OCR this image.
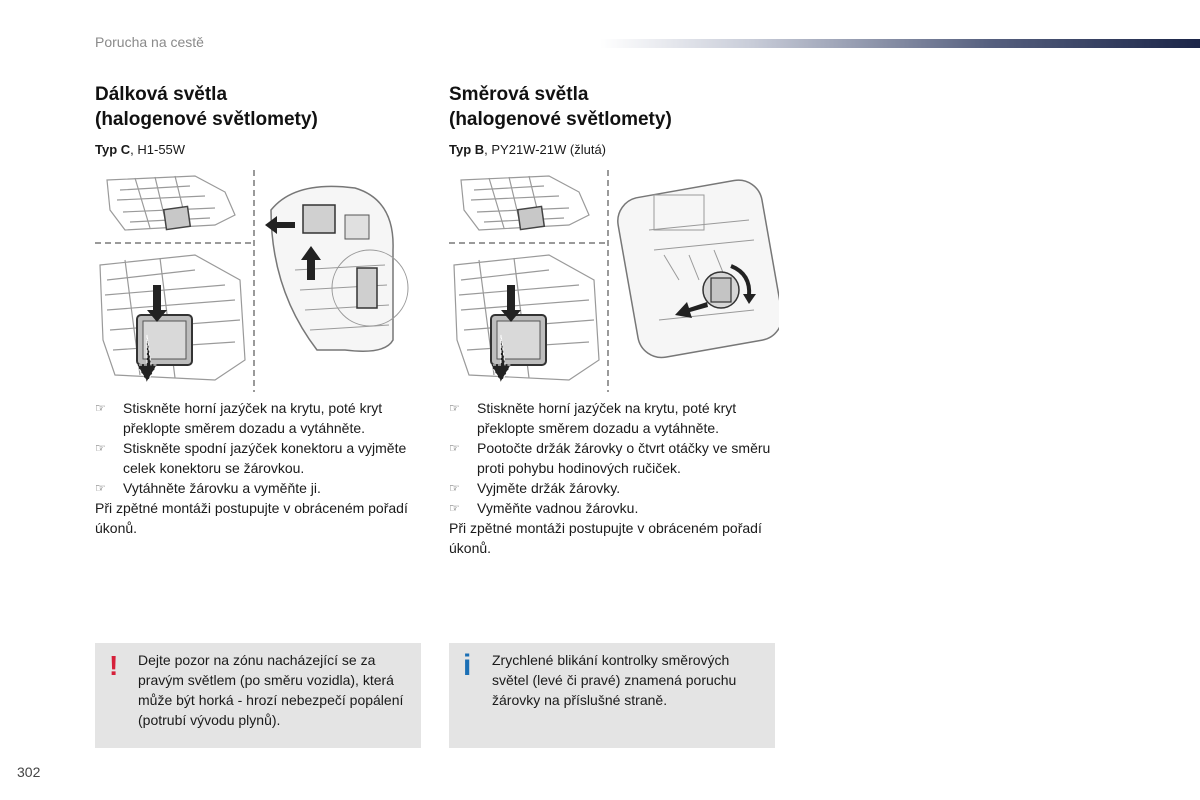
Porucha na cestě
Dálková světla
(halogenové světlomety)
Typ C, H1-55W
☞ Stiskněte horní jazýček na krytu, poté kryt překlopte směrem dozadu a vytáhněte.
☞ Stiskněte spodní jazýček konektoru a vyjměte celek konektoru se žárovkou.
☞ Vytáhněte žárovku a vyměňte ji.

Při zpětné montáži postupujte v obráceném pořadí úkonů.

Směrová světla
(halogenové světlomety)
Typ B, PY21W-21W (žlutá)
☞ Stiskněte horní jazýček na krytu, poté kryt překlopte směrem dozadu a vytáhněte.
☞ Pootočte držák žárovky o čtvrt otáčky ve směru proti pohybu hodinových ručiček.
☞ Vyjměte držák žárovky.
☞ Vyměňte vadnou žárovku.

Při zpětné montáži postupujte v obráceném pořadí úkonů.

! Dejte pozor na zónu nacházející se za pravým světlem (po směru vozidla), která může být horká - hrozí nebezpečí popálení (potrubí vývodu plynů).
i Zrychlené blikání kontrolky směrových světel (levé či pravé) znamená poruchu žárovky na příslušné straně.
302
